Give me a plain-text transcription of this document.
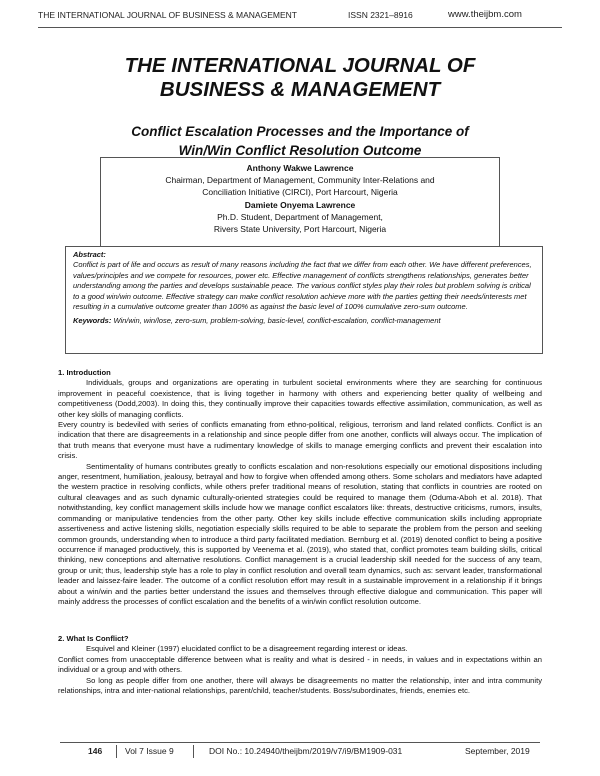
THE INTERNATIONAL JOURNAL OF BUSINESS & MANAGEMENT	ISSN 2321–8916	www.theijbm.com
THE INTERNATIONAL JOURNAL OF
BUSINESS & MANAGEMENT
Conflict Escalation Processes and the Importance of
Win/Win Conflict Resolution Outcome
Anthony Wakwe Lawrence
Chairman, Department of Management, Community Inter-Relations and
Conciliation Initiative (CIRCI), Port Harcourt, Nigeria
Damiete Onyema Lawrence
Ph.D. Student, Department of Management,
Rivers State University, Port Harcourt, Nigeria
Abstract:
Conflict is part of life and occurs as result of many reasons including the fact that we differ from each other. We have different preferences, values/principles and we compete for resources, power etc. Effective management of conflicts strengthens relationships, generates better understanding among the parties and develops sustainable peace. The various conflict styles play their roles but problem solving is critical to a good win/win outcome. Effective strategy can make conflict resolution achieve more with the parties getting their needs/interests met resulting in a cumulative outcome greater than 100% as against the basic level of 100% cumulative zero-sum outcome.
Keywords: Win/win, win/lose, zero-sum, problem-solving, basic-level, conflict-escalation, conflict-management

1. Introduction

Individuals, groups and organizations are operating in turbulent societal environments where they are searching for continuous improvement in peaceful coexistence, that is living together in harmony with others and experiencing better quality of wellbeing and competitiveness (Dodd,2003). In doing this, they continually improve their capacities towards effective assimilation, communication, as well as other key skills of managing conflicts.

Every country is bedeviled with series of conflicts emanating from ethno-political, religious, terrorism and land related conflicts. Conflict is an indication that there are disagreements in a relationship and since people differ from one another, conflicts will always occur. The implication of that truth means that everyone must have a rudimentary knowledge of skills to manage emerging conflicts and prevent their escalation into crisis.

Sentimentality of humans contributes greatly to conflicts escalation and non-resolutions especially our emotional dispositions including anger, resentment, humiliation, jealousy, betrayal and how to forgive when offended among others. Some scholars and mediators have adapted the western practice in resolving conflicts, while others prefer traditional means of resolution, stating that conflicts in countries are rooted on cultural cleavages and as such dynamic culturally-oriented strategies could be required to manage them (Oduma-Aboh et al. 2018). That notwithstanding, key conflict management skills include how we manage conflict escalators like: threats, destructive criticisms, rumors, insults, commanding or manipulative tendencies from the other party. Other key skills include effective communication skills including appropriate assertiveness and active listening skills, negotiation especially skills required to be able to separate the problem from the person and seeking common grounds, understanding when to introduce a third party facilitated mediation. Bernburg et al. (2019) denoted conflict to being a positive occurrence if managed productively, this is supported by Veenema et al. (2019), who stated that, conflict promotes team building skills, critical thinking, new conceptions and alternative resolutions. Conflict management is a crucial leadership skill needed for the success of any team, group or unit; thus, leadership style has a role to play in conflict resolution and overall team dynamics, such as: servant leader, transformational leader and laissez-faire leader. The outcome of a conflict resolution effort may result in a sustainable improvement in a relationship if it brings about a win/win and the parties better understand the issues and themselves through effective dialogue and communication. This paper will mainly address the processes of conflict escalation and the benefits of a win/win conflict resolution outcome.

2. What Is Conflict?

Esquivel and Kleiner (1997) elucidated conflict to be a disagreement regarding interest or ideas.

Conflict comes from unacceptable difference between what is reality and what is desired - in needs, in values and in expectations within an individual or a group and with others.

So long as people differ from one another, there will always be disagreements no matter the relationship, inter and intra community relationships, intra and inter-national relationships, parent/child, teacher/students. Boss/subordinates, friends, enemies etc.

146	Vol 7 Issue 9	DOI No.: 10.24940/theijbm/2019/v7/i9/BM1909-031	September, 2019
